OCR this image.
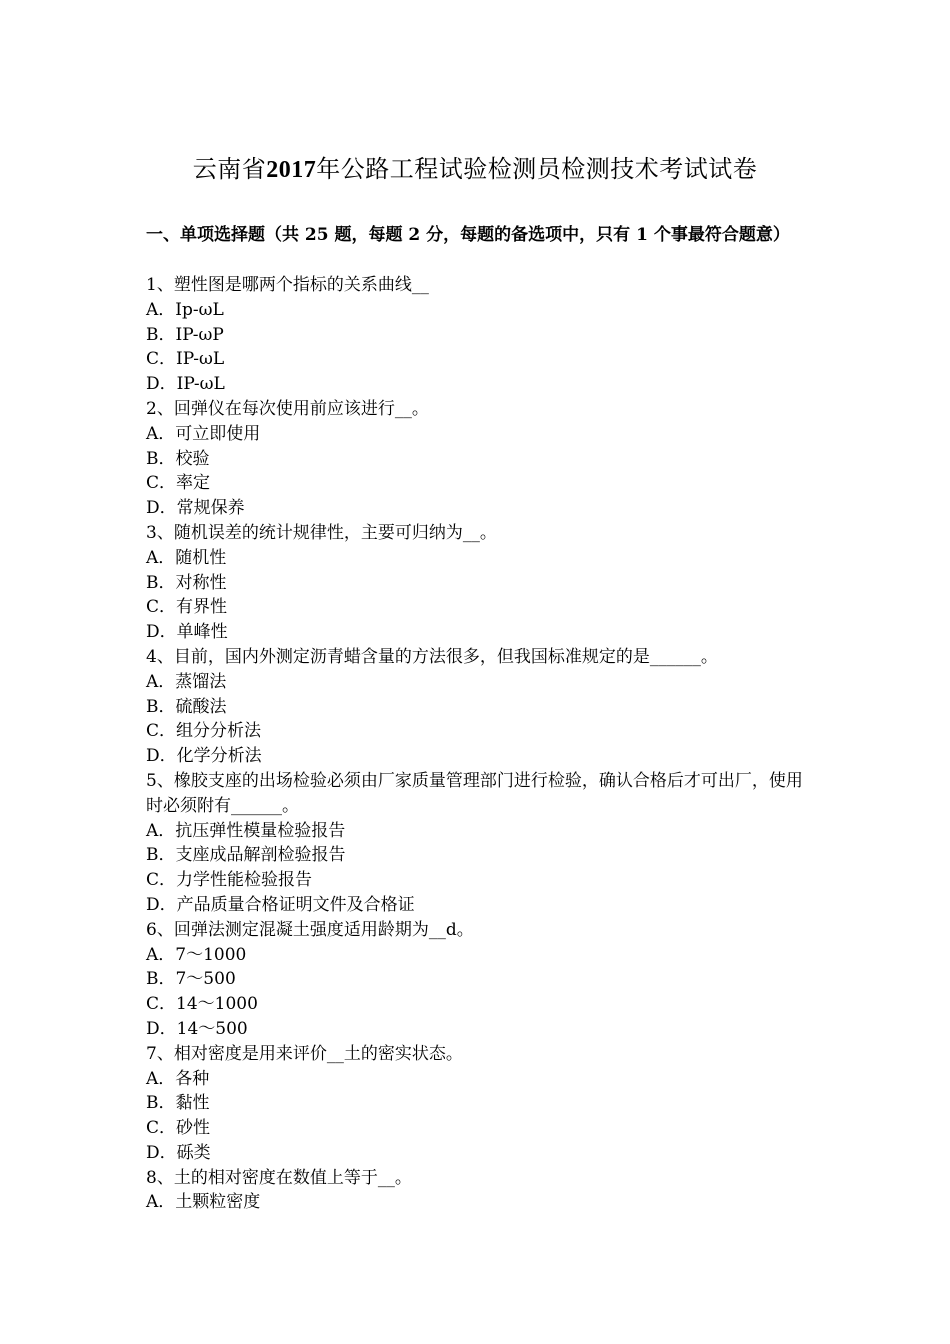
云南省2017年公路工程试验检测员检测技术考试试卷
一、单项选择题（共 25 题，每题 2 分，每题的备选项中，只有 1 个事最符合题意）
1、塑性图是哪两个指标的关系曲线__
A．Ip-ωL
B．IP-ωP
C．IP-ωL
D．IP-ωL
2、回弹仪在每次使用前应该进行__。
A．可立即使用
B．校验
C．率定
D．常规保养
3、随机误差的统计规律性，主要可归纳为__。
A．随机性
B．对称性
C．有界性
D．单峰性
4、目前，国内外测定沥青蜡含量的方法很多，但我国标准规定的是______。
A．蒸馏法
B．硫酸法
C．组分分析法
D．化学分析法
5、橡胶支座的出场检验必须由厂家质量管理部门进行检验，确认合格后才可出厂，使用时必须附有______。
A．抗压弹性模量检验报告
B．支座成品解剖检验报告
C．力学性能检验报告
D．产品质量合格证明文件及合格证
6、回弹法测定混凝土强度适用龄期为__d。
A．7～1000
B．7～500
C．14～1000
D．14～500
7、相对密度是用来评价__土的密实状态。
A．各种
B．黏性
C．砂性
D．砾类
8、土的相对密度在数值上等于__。
A．土颗粒密度
